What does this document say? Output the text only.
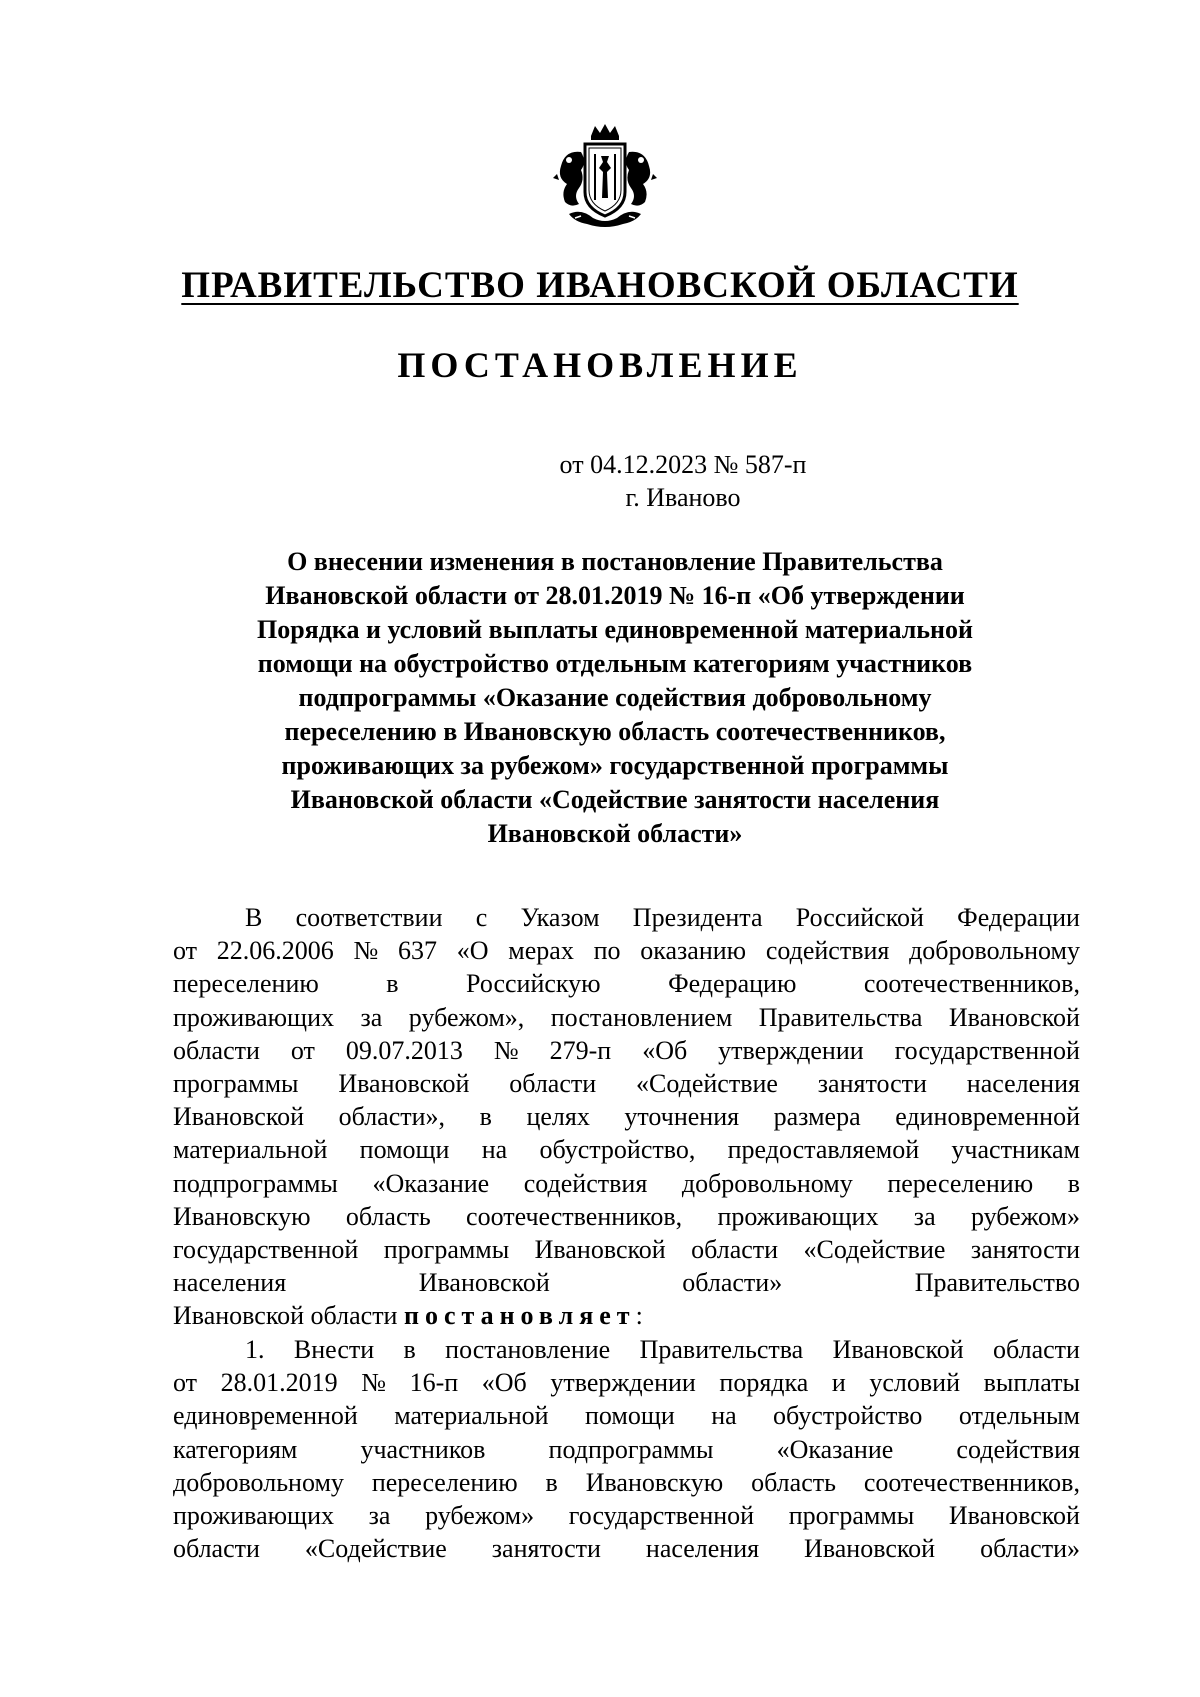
ПРАВИТЕЛЬСТВО ИВАНОВСКОЙ ОБЛАСТИ
ПОСТАНОВЛЕНИЕ
от 04.12.2023 № 587-п
г. Иваново
О внесении изменения в постановление Правительства
Ивановской области от 28.01.2019 № 16-п «Об утверждении
Порядка и условий выплаты единовременной материальной
помощи на обустройство отдельным категориям участников
подпрограммы «Оказание содействия добровольному
переселению в Ивановскую область соотечественников,
проживающих за рубежом» государственной программы
Ивановской области «Содействие занятости населения
Ивановской области»
В соответствии с Указом Президента Российской Федерации
от 22.06.2006 № 637 «О мерах по оказанию содействия добровольному
переселению	в	Российскую	Федерацию	соотечественников,
проживающих за рубежом», постановлением Правительства Ивановской
области от 09.07.2013 № 279-п «Об утверждении государственной
программы Ивановской области «Содействие занятости населения
Ивановской области», в целях уточнения размера единовременной
материальной помощи на обустройство, предоставляемой участникам
подпрограммы «Оказание содействия добровольному переселению в
Ивановскую область соотечественников, проживающих за рубежом»
государственной программы Ивановской области «Содействие занятости
населения	Ивановской	области»	Правительство
Ивановской области постановляет:
1. Внести в постановление Правительства Ивановской области
от 28.01.2019 № 16-п «Об утверждении порядка и условий выплаты
единовременной материальной помощи на обустройство отдельным
категориям участников подпрограммы «Оказание содействия
добровольному переселению в Ивановскую область соотечественников,
проживающих за рубежом» государственной программы Ивановской
области «Содействие занятости населения Ивановской области»
